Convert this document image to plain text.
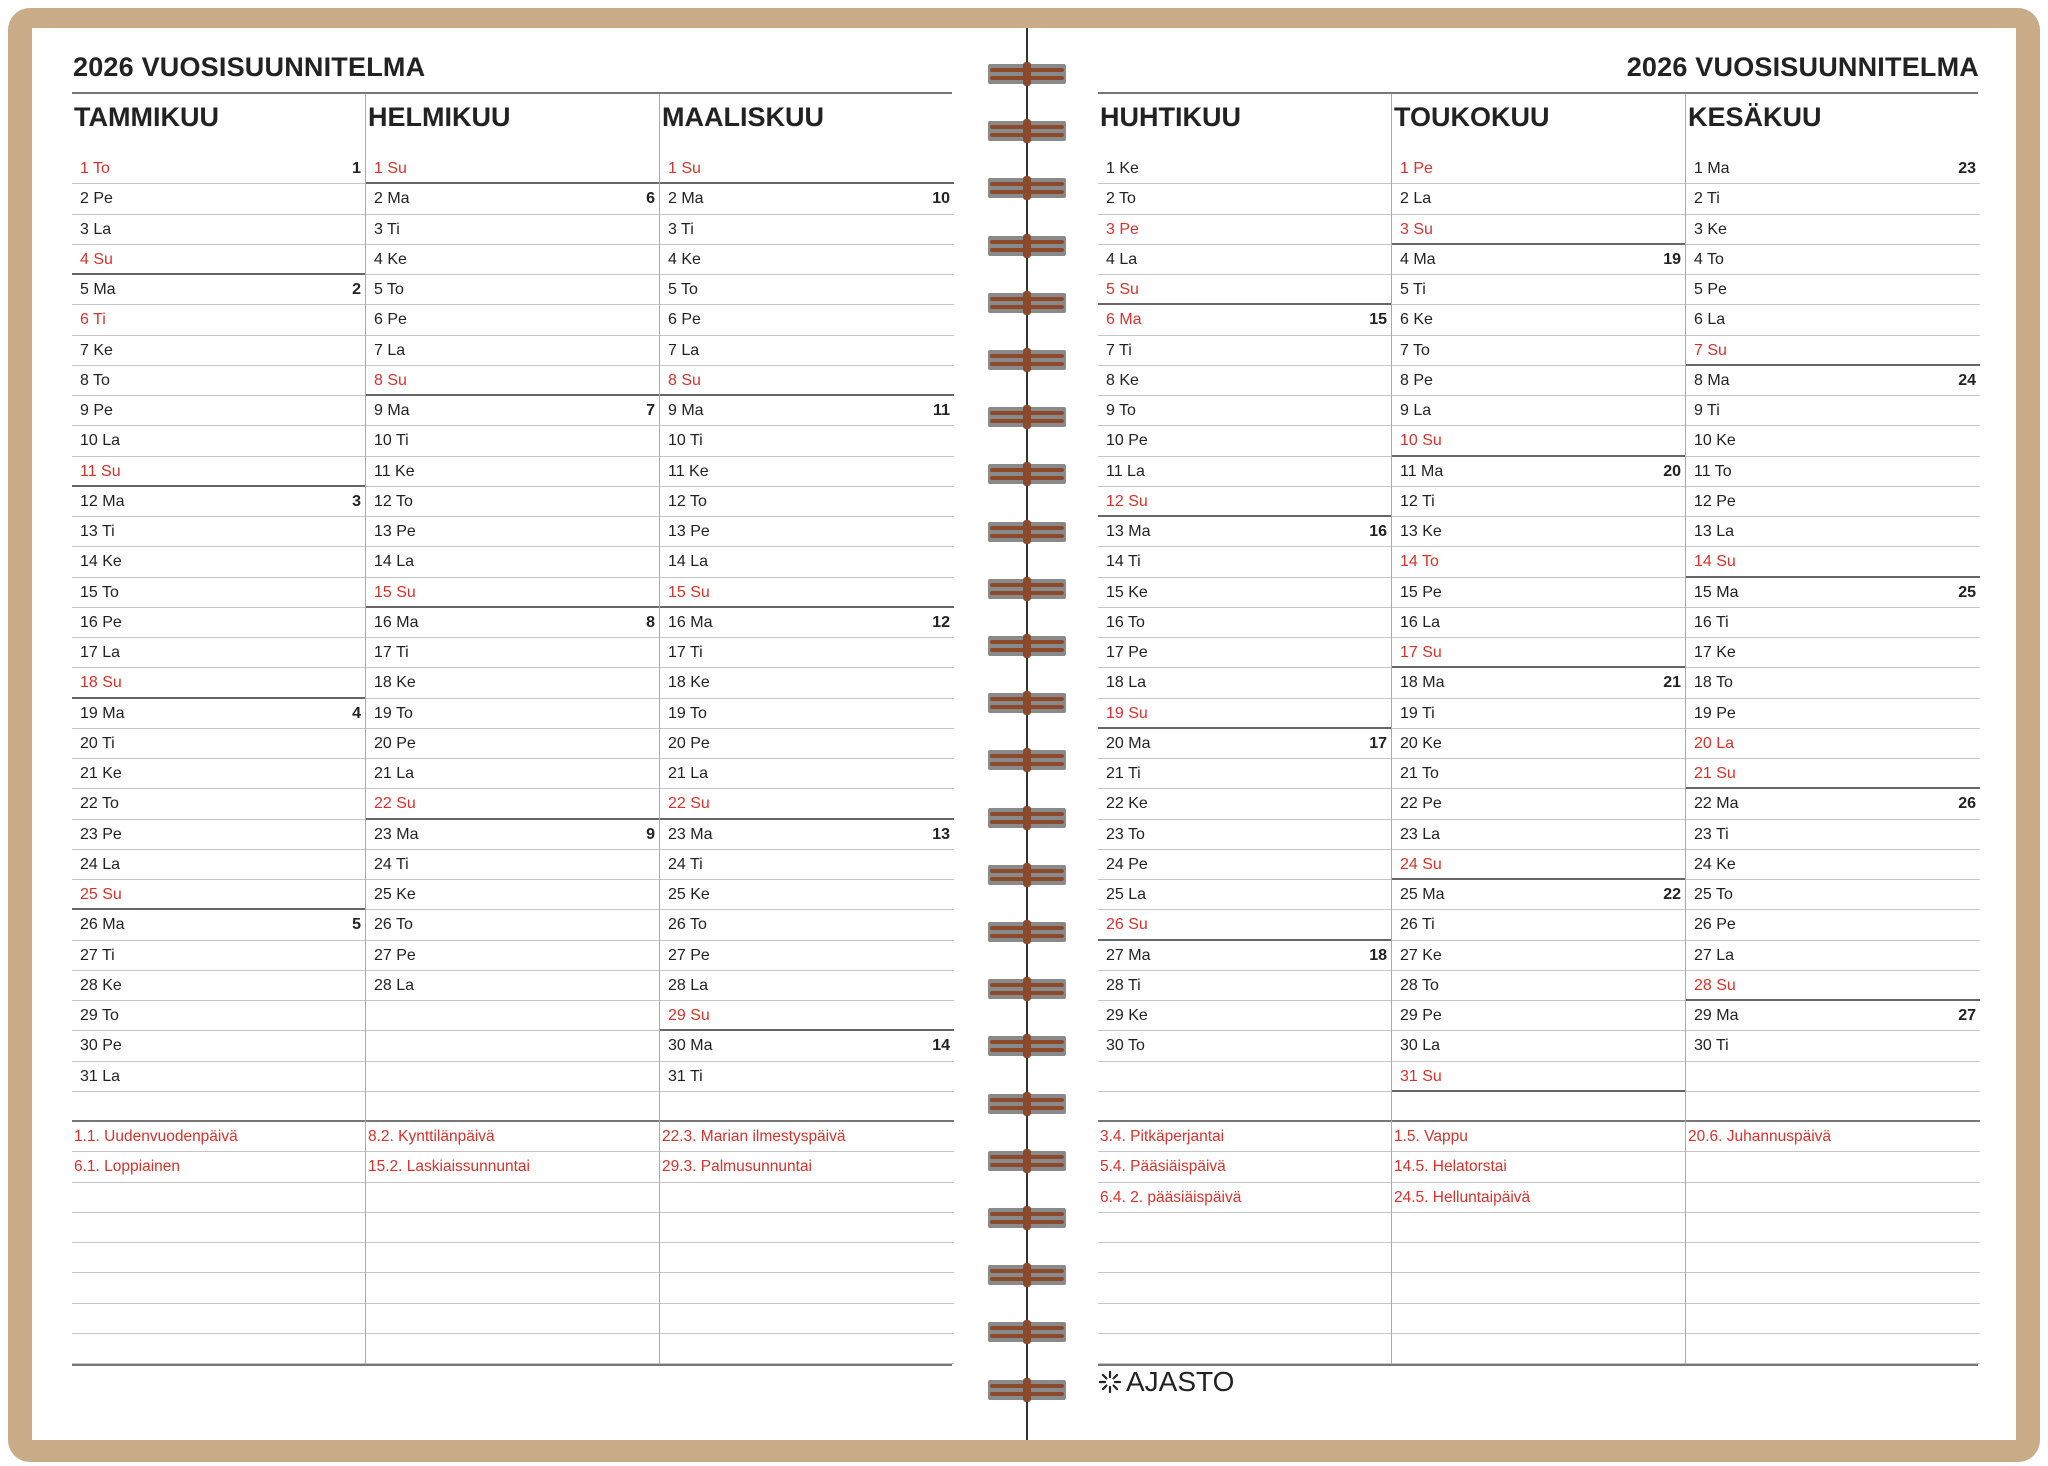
2026 VUOSISUUNNITELMA	2026 VUOSISUUNNITELMA
TAMMIKUU
1 To	1
2 Pe
3 La
4 Su
5 Ma	2
6 Ti
7 Ke
8 To
9 Pe
10 La
11 Su
12 Ma	3
13 Ti
14 Ke
15 To
16 Pe
17 La
18 Su
19 Ma	4
20 Ti
21 Ke
22 To
23 Pe
24 La
25 Su
26 Ma	5
27 Ti
28 Ke
29 To
30 Pe
31 La
1.1. Uudenvuodenpäivä
6.1. Loppiainen
HELMIKUU
1 Su
2 Ma	6
3 Ti
4 Ke
5 To
6 Pe
7 La
8 Su
9 Ma	7
10 Ti
11 Ke
12 To
13 Pe
14 La
15 Su
16 Ma	8
17 Ti
18 Ke
19 To
20 Pe
21 La
22 Su
23 Ma	9
24 Ti
25 Ke
26 To
27 Pe
28 La
8.2. Kynttilänpäivä
15.2. Laskiaissunnuntai
MAALISKUU
1 Su
2 Ma	10
3 Ti
4 Ke
5 To
6 Pe
7 La
8 Su
9 Ma	11
10 Ti
11 Ke
12 To
13 Pe
14 La
15 Su
16 Ma	12
17 Ti
18 Ke
19 To
20 Pe
21 La
22 Su
23 Ma	13
24 Ti
25 Ke
26 To
27 Pe
28 La
29 Su
30 Ma	14
31 Ti
22.3. Marian ilmestyspäivä
29.3. Palmusunnuntai
HUHTIKUU
1 Ke
2 To
3 Pe
4 La
5 Su
6 Ma	15
7 Ti
8 Ke
9 To
10 Pe
11 La
12 Su
13 Ma	16
14 Ti
15 Ke
16 To
17 Pe
18 La
19 Su
20 Ma	17
21 Ti
22 Ke
23 To
24 Pe
25 La
26 Su
27 Ma	18
28 Ti
29 Ke
30 To
3.4. Pitkäperjantai
5.4. Pääsiäispäivä
6.4. 2. pääsiäispäivä
TOUKOKUU
1 Pe
2 La
3 Su
4 Ma	19
5 Ti
6 Ke
7 To
8 Pe
9 La
10 Su
11 Ma	20
12 Ti
13 Ke
14 To
15 Pe
16 La
17 Su
18 Ma	21
19 Ti
20 Ke
21 To
22 Pe
23 La
24 Su
25 Ma	22
26 Ti
27 Ke
28 To
29 Pe
30 La
31 Su
1.5. Vappu
14.5. Helatorstai
24.5. Helluntaipäivä
KESÄKUU
1 Ma	23
2 Ti
3 Ke
4 To
5 Pe
6 La
7 Su
8 Ma	24
9 Ti
10 Ke
11 To
12 Pe
13 La
14 Su
15 Ma	25
16 Ti
17 Ke
18 To
19 Pe
20 La
21 Su
22 Ma	26
23 Ti
24 Ke
25 To
26 Pe
27 La
28 Su
29 Ma	27
30 Ti
20.6. Juhannuspäivä
AJASTO
